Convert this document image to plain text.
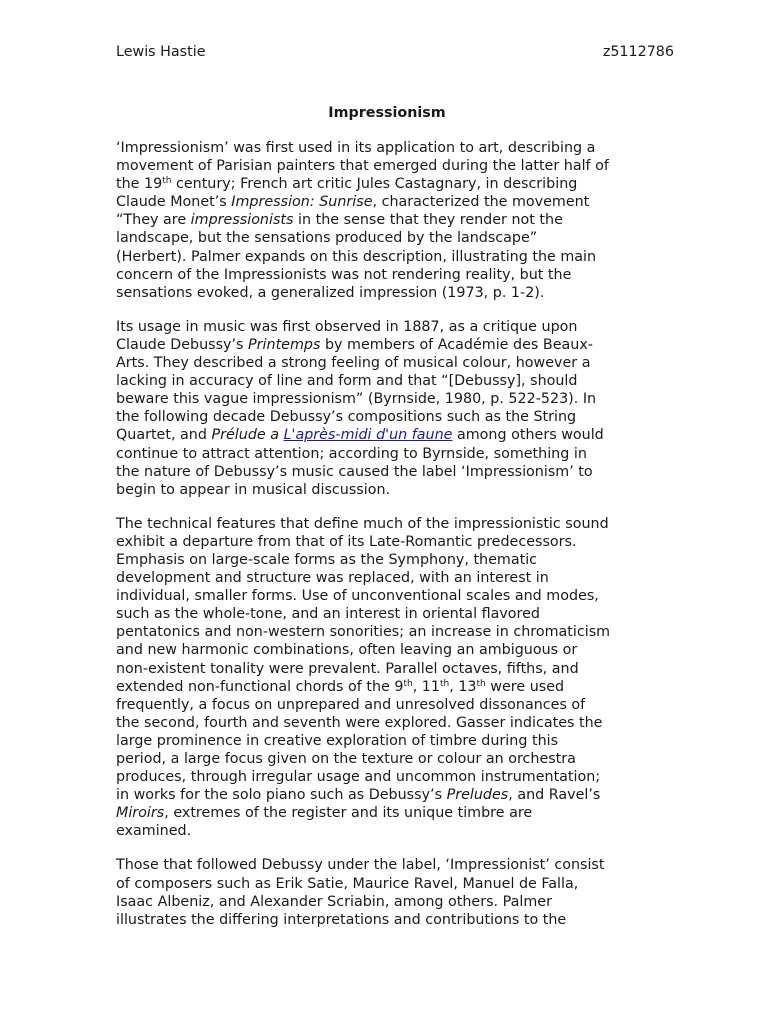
Lewis Hastie	z5112786
Impressionism
‘Impressionism’ was first used in its application to art, describing a
movement of Parisian painters that emerged during the latter half of
the 19th century; French art critic Jules Castagnary, in describing
Claude Monet’s Impression: Sunrise, characterized the movement
“They are impressionists in the sense that they render not the
landscape, but the sensations produced by the landscape”
(Herbert). Palmer expands on this description, illustrating the main
concern of the Impressionists was not rendering reality, but the
sensations evoked, a generalized impression (1973, p. 1-2).
Its usage in music was first observed in 1887, as a critique upon
Claude Debussy’s Printemps by members of Académie des Beaux-
Arts. They described a strong feeling of musical colour, however a
lacking in accuracy of line and form and that “[Debussy], should
beware this vague impressionism” (Byrnside, 1980, p. 522-523). In
the following decade Debussy’s compositions such as the String
Quartet, and Prélude a L'après-midi d'un faune among others would
continue to attract attention; according to Byrnside, something in
the nature of Debussy’s music caused the label ‘Impressionism’ to
begin to appear in musical discussion.
The technical features that define much of the impressionistic sound
exhibit a departure from that of its Late-Romantic predecessors.
Emphasis on large-scale forms as the Symphony, thematic
development and structure was replaced, with an interest in
individual, smaller forms. Use of unconventional scales and modes,
such as the whole-tone, and an interest in oriental flavored
pentatonics and non-western sonorities; an increase in chromaticism
and new harmonic combinations, often leaving an ambiguous or
non-existent tonality were prevalent. Parallel octaves, fifths, and
extended non-functional chords of the 9th, 11th, 13th were used
frequently, a focus on unprepared and unresolved dissonances of
the second, fourth and seventh were explored. Gasser indicates the
large prominence in creative exploration of timbre during this
period, a large focus given on the texture or colour an orchestra
produces, through irregular usage and uncommon instrumentation;
in works for the solo piano such as Debussy’s Preludes, and Ravel’s
Miroirs, extremes of the register and its unique timbre are
examined.
Those that followed Debussy under the label, ‘Impressionist’ consist
of composers such as Erik Satie, Maurice Ravel, Manuel de Falla,
Isaac Albeniz, and Alexander Scriabin, among others. Palmer
illustrates the differing interpretations and contributions to the
